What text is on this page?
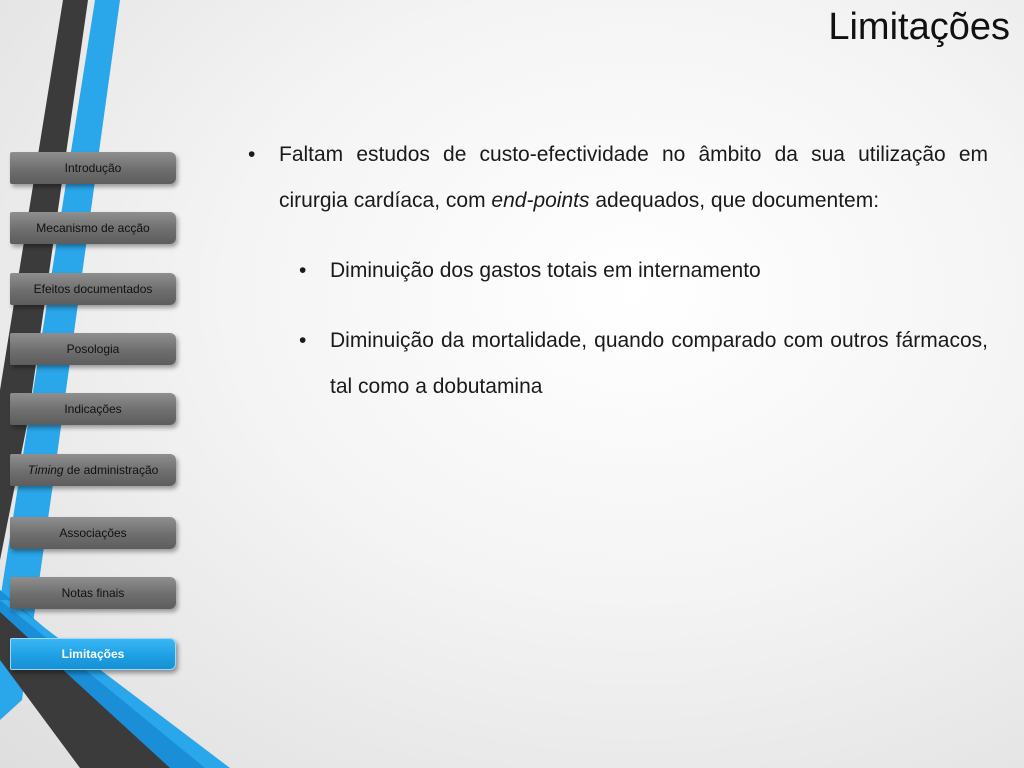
Limitações
Introdução
Mecanismo de acção
Efeitos documentados
Posologia
Indicações
Timing de administração
Associações
Notas finais
Limitações
• Faltam estudos de custo-efectividade no âmbito da sua utilização em cirurgia cardíaca, com end-points adequados, que documentem:
• Diminuição dos gastos totais em internamento
• Diminuição da mortalidade, quando comparado com outros fármacos, tal como a dobutamina
